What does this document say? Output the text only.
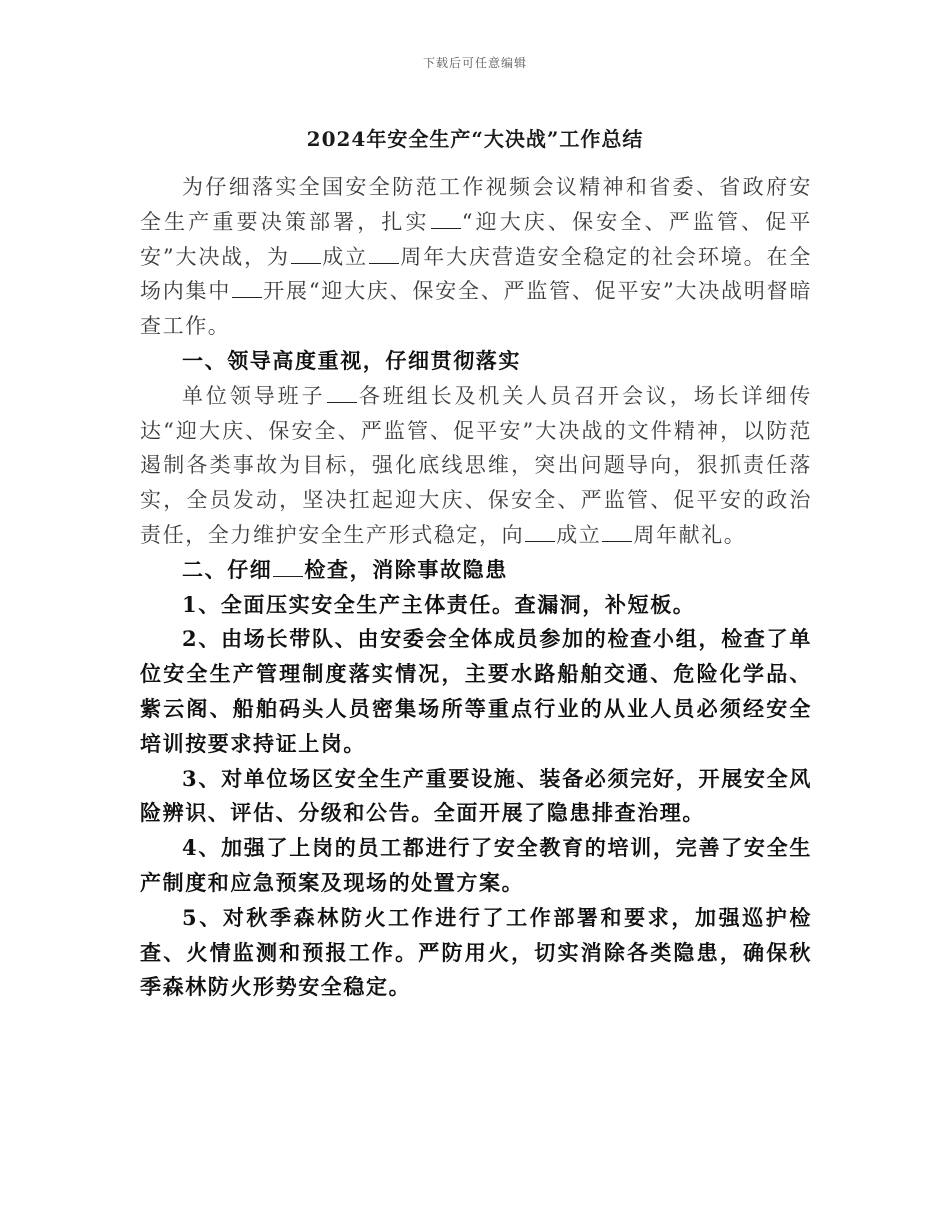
下载后可任意编辑
2024年安全生产“大决战”工作总结

为仔细落实全国安全防范工作视频会议精神和省委、省政府安全生产重要决策部署，扎实 “迎大庆、保安全、严监管、促平安”大决战，为 成立 周年大庆营造安全稳定的社会环境。在全场内集中 开展“迎大庆、保安全、严监管、促平安”大决战明督暗查工作。

一、领导高度重视，仔细贯彻落实

单位领导班子 各班组长及机关人员召开会议，场长详细传达“迎大庆、保安全、严监管、促平安”大决战的文件精神，以防范遏制各类事故为目标，强化底线思维，突出问题导向，狠抓责任落实，全员发动，坚决扛起迎大庆、保安全、严监管、促平安的政治责任，全力维护安全生产形式稳定，向 成立 周年献礼。

二、仔细 检查，消除事故隐患

1、全面压实安全生产主体责任。查漏洞，补短板。

2、由场长带队、由安委会全体成员参加的检查小组，检查了单位安全生产管理制度落实情况，主要水路船舶交通、危险化学品、紫云阁、船舶码头人员密集场所等重点行业的从业人员必须经安全培训按要求持证上岗。

3、对单位场区安全生产重要设施、装备必须完好，开展安全风险辨识、评估、分级和公告。全面开展了隐患排查治理。

4、加强了上岗的员工都进行了安全教育的培训，完善了安全生产制度和应急预案及现场的处置方案。

5、对秋季森林防火工作进行了工作部署和要求，加强巡护检查、火情监测和预报工作。严防用火，切实消除各类隐患，确保秋季森林防火形势安全稳定。
